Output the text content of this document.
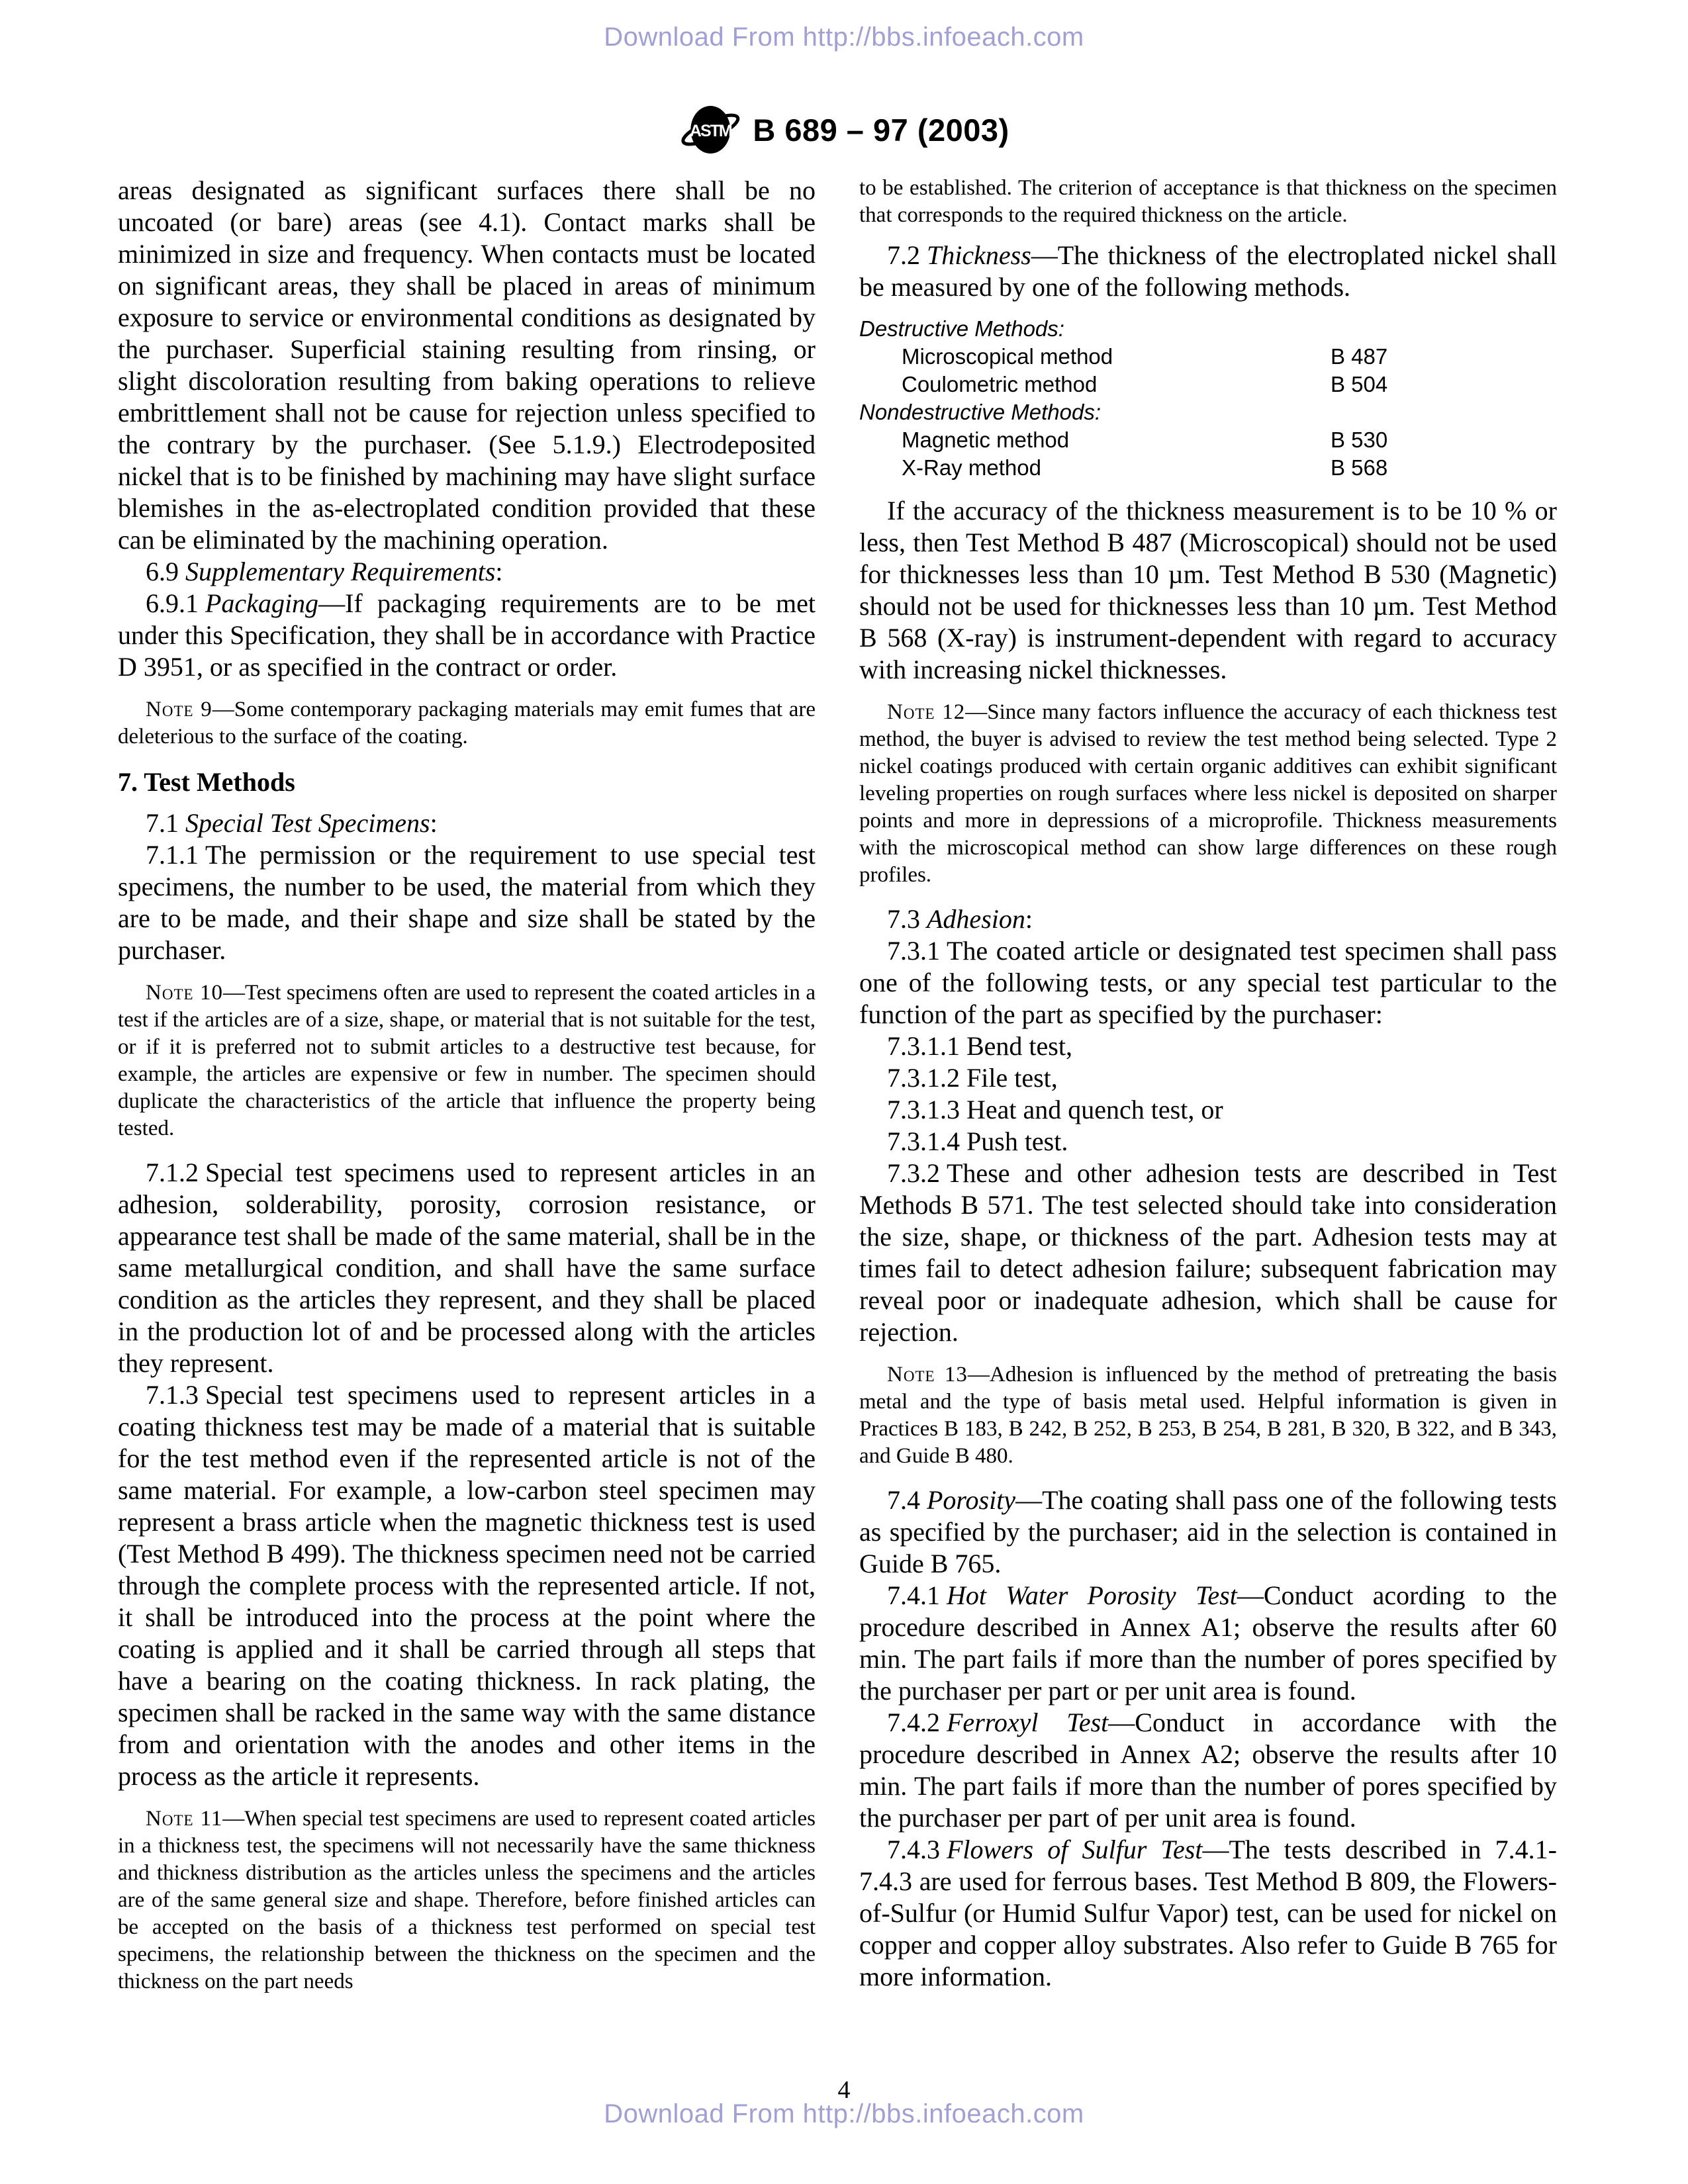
Download From http://bbs.infoeach.com
ASTM B 689 – 97 (2003)

areas designated as significant surfaces there shall be no uncoated (or bare) areas (see 4.1). Contact marks shall be minimized in size and frequency. When contacts must be located on significant areas, they shall be placed in areas of minimum exposure to service or environmental conditions as designated by the purchaser. Superficial staining resulting from rinsing, or slight discoloration resulting from baking operations to relieve embrittlement shall not be cause for rejection unless specified to the contrary by the purchaser. (See 5.1.9.) Electrodeposited nickel that is to be finished by machining may have slight surface blemishes in the as-electroplated condition provided that these can be eliminated by the machining operation.

6.9 Supplementary Requirements:

6.9.1 Packaging—If packaging requirements are to be met under this Specification, they shall be in accordance with Practice D 3951, or as specified in the contract or order.

Note 9—Some contemporary packaging materials may emit fumes that are deleterious to the surface of the coating.

7. Test Methods

7.1 Special Test Specimens:

7.1.1 The permission or the requirement to use special test specimens, the number to be used, the material from which they are to be made, and their shape and size shall be stated by the purchaser.

Note 10—Test specimens often are used to represent the coated articles in a test if the articles are of a size, shape, or material that is not suitable for the test, or if it is preferred not to submit articles to a destructive test because, for example, the articles are expensive or few in number. The specimen should duplicate the characteristics of the article that influence the property being tested.

7.1.2 Special test specimens used to represent articles in an adhesion, solderability, porosity, corrosion resistance, or appearance test shall be made of the same material, shall be in the same metallurgical condition, and shall have the same surface condition as the articles they represent, and they shall be placed in the production lot of and be processed along with the articles they represent.

7.1.3 Special test specimens used to represent articles in a coating thickness test may be made of a material that is suitable for the test method even if the represented article is not of the same material. For example, a low-carbon steel specimen may represent a brass article when the magnetic thickness test is used (Test Method B 499). The thickness specimen need not be carried through the complete process with the represented article. If not, it shall be introduced into the process at the point where the coating is applied and it shall be carried through all steps that have a bearing on the coating thickness. In rack plating, the specimen shall be racked in the same way with the same distance from and orientation with the anodes and other items in the process as the article it represents.

Note 11—When special test specimens are used to represent coated articles in a thickness test, the specimens will not necessarily have the same thickness and thickness distribution as the articles unless the specimens and the articles are of the same general size and shape. Therefore, before finished articles can be accepted on the basis of a thickness test performed on special test specimens, the relationship between the thickness on the specimen and the thickness on the part needs

to be established. The criterion of acceptance is that thickness on the specimen that corresponds to the required thickness on the article.

7.2 Thickness—The thickness of the electroplated nickel shall be measured by one of the following methods.

Destructive Methods:
Microscopical method	B 487
Coulometric method	B 504
Nondestructive Methods:
Magnetic method	B 530
X-Ray method	B 568

If the accuracy of the thickness measurement is to be 10 % or less, then Test Method B 487 (Microscopical) should not be used for thicknesses less than 10 µm. Test Method B 530 (Magnetic) should not be used for thicknesses less than 10 µm. Test Method B 568 (X-ray) is instrument-dependent with regard to accuracy with increasing nickel thicknesses.

Note 12—Since many factors influence the accuracy of each thickness test method, the buyer is advised to review the test method being selected. Type 2 nickel coatings produced with certain organic additives can exhibit significant leveling properties on rough surfaces where less nickel is deposited on sharper points and more in depressions of a microprofile. Thickness measurements with the microscopical method can show large differences on these rough profiles.

7.3 Adhesion:

7.3.1 The coated article or designated test specimen shall pass one of the following tests, or any special test particular to the function of the part as specified by the purchaser:

7.3.1.1 Bend test,

7.3.1.2 File test,

7.3.1.3 Heat and quench test, or

7.3.1.4 Push test.

7.3.2 These and other adhesion tests are described in Test Methods B 571. The test selected should take into consideration the size, shape, or thickness of the part. Adhesion tests may at times fail to detect adhesion failure; subsequent fabrication may reveal poor or inadequate adhesion, which shall be cause for rejection.

Note 13—Adhesion is influenced by the method of pretreating the basis metal and the type of basis metal used. Helpful information is given in Practices B 183, B 242, B 252, B 253, B 254, B 281, B 320, B 322, and B 343, and Guide B 480.

7.4 Porosity—The coating shall pass one of the following tests as specified by the purchaser; aid in the selection is contained in Guide B 765.

7.4.1 Hot Water Porosity Test—Conduct acording to the procedure described in Annex A1; observe the results after 60 min. The part fails if more than the number of pores specified by the purchaser per part or per unit area is found.

7.4.2 Ferroxyl Test—Conduct in accordance with the procedure described in Annex A2; observe the results after 10 min. The part fails if more than the number of pores specified by the purchaser per part of per unit area is found.

7.4.3 Flowers of Sulfur Test—The tests described in 7.4.1-7.4.3 are used for ferrous bases. Test Method B 809, the Flowers-of-Sulfur (or Humid Sulfur Vapor) test, can be used for nickel on copper and copper alloy substrates. Also refer to Guide B 765 for more information.

4
Download From http://bbs.infoeach.com
